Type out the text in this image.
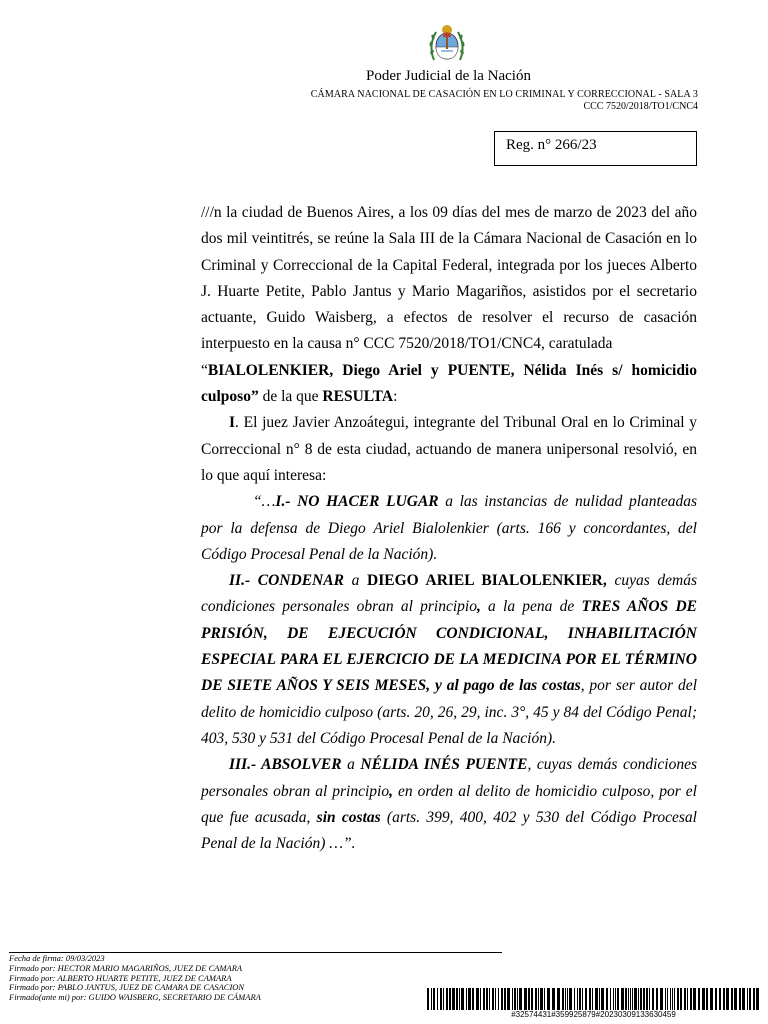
Poder Judicial de la Nación
CÁMARA NACIONAL DE CASACIÓN EN LO CRIMINAL Y CORRECCIONAL - SALA 3
CCC 7520/2018/TO1/CNC4
Reg. n° 266/23

///n la ciudad de Buenos Aires, a los 09 días del mes de marzo de 2023 del año dos mil veintitrés, se reúne la Sala III de la Cámara Nacional de Casación en lo Criminal y Correccional de la Capital Federal, integrada por los jueces Alberto J. Huarte Petite, Pablo Jantus y Mario Magariños, asistidos por el secretario actuante, Guido Waisberg, a efectos de resolver el recurso de casación interpuesto en la causa n° CCC 7520/2018/TO1/CNC4, caratulada
“BIALOLENKIER, Diego Ariel y PUENTE, Nélida Inés s/ homicidio culposo” de la que RESULTA:

I. El juez Javier Anzoátegui, integrante del Tribunal Oral en lo Criminal y Correccional n° 8 de esta ciudad, actuando de manera unipersonal resolvió, en lo que aquí interesa:

“…I.- NO HACER LUGAR a las instancias de nulidad planteadas por la defensa de Diego Ariel Bialolenkier (arts. 166 y concordantes, del Código Procesal Penal de la Nación).

II.- CONDENAR a DIEGO ARIEL BIALOLENKIER, cuyas demás condiciones personales obran al principio, a la pena de TRES AÑOS DE PRISIÓN, DE EJECUCIÓN CONDICIONAL, INHABILITACIÓN ESPECIAL PARA EL EJERCICIO DE LA MEDICINA POR EL TÉRMINO DE SIETE AÑOS Y SEIS MESES, y al pago de las costas, por ser autor del delito de homicidio culposo (arts. 20, 26, 29, inc. 3°, 45 y 84 del Código Penal; 403, 530 y 531 del Código Procesal Penal de la Nación).

III.- ABSOLVER a NÉLIDA INÉS PUENTE, cuyas demás condiciones personales obran al principio, en orden al delito de homicidio culposo, por el que fue acusada, sin costas (arts. 399, 400, 402 y 530 del Código Procesal Penal de la Nación) …”.

Fecha de firma: 09/03/2023
Firmado por: HECTOR MARIO MAGARIÑOS, JUEZ DE CAMARA
Firmado por: ALBERTO HUARTE PETITE, JUEZ DE CAMARA
Firmado por: PABLO JANTUS, JUEZ DE CAMARA DE CASACION
Firmado(ante mi) por: GUIDO WAISBERG, SECRETARIO DE CÁMARA
#32574431#359925879#20230309133630459
